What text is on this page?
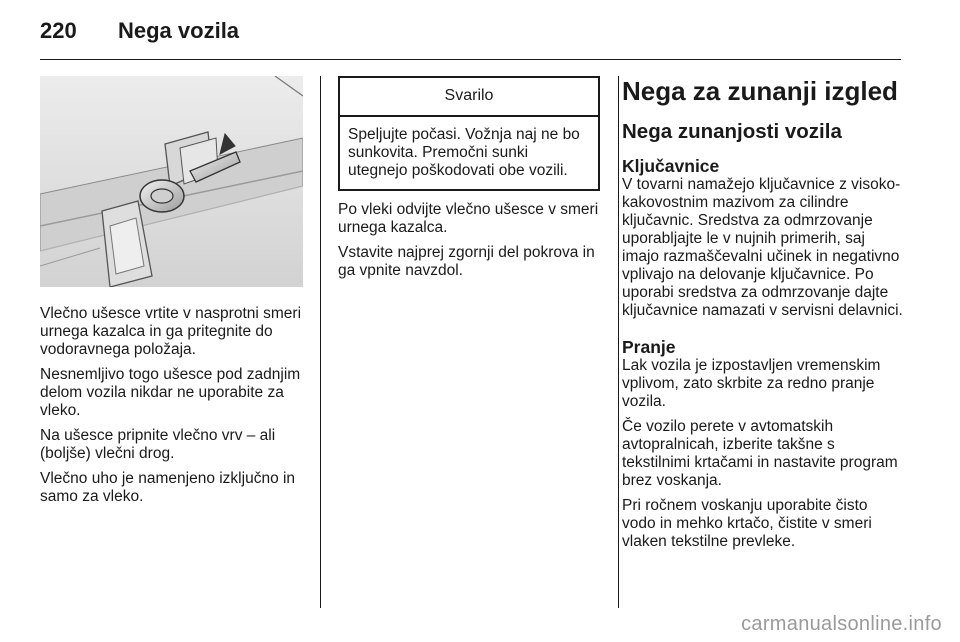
220	Nega vozila

Vlečno ušesce vrtite v nasprotni smeri urnega kazalca in ga pritegnite do vodoravnega položaja.

Nesnemljivo togo ušesce pod zadnjim delom vozila nikdar ne uporabite za vleko.

Na ušesce pripnite vlečno vrv – ali (boljše) vlečni drog.

Vlečno uho je namenjeno izključno in samo za vleko.

Svarilo
Speljujte počasi. Vožnja naj ne bo sunkovita. Premočni sunki utegnejo poškodovati obe vozili.

Po vleki odvijte vlečno ušesce v smeri urnega kazalca.

Vstavite najprej zgornji del pokrova in ga vpnite navzdol.

Nega za zunanji izgled
Nega zunanjosti vozila
Ključavnice

V tovarni namažejo ključavnice z visoko-kakovostnim mazivom za cilindre ključavnic. Sredstva za odmrzovanje uporabljajte le v nujnih primerih, saj imajo razmaščevalni učinek in negativno vplivajo na delovanje ključavnice. Po uporabi sredstva za odmrzovanje dajte ključavnice namazati v servisni delavnici.

Pranje

Lak vozila je izpostavljen vremenskim vplivom, zato skrbite za redno pranje vozila.

Če vozilo perete v avtomatskih avtopralnicah, izberite takšne s tekstilnimi krtačami in nastavite program brez voskanja.

Pri ročnem voskanju uporabite čisto vodo in mehko krtačo, čistite v smeri vlaken tekstilne prevleke.

carmanualsonline.info
